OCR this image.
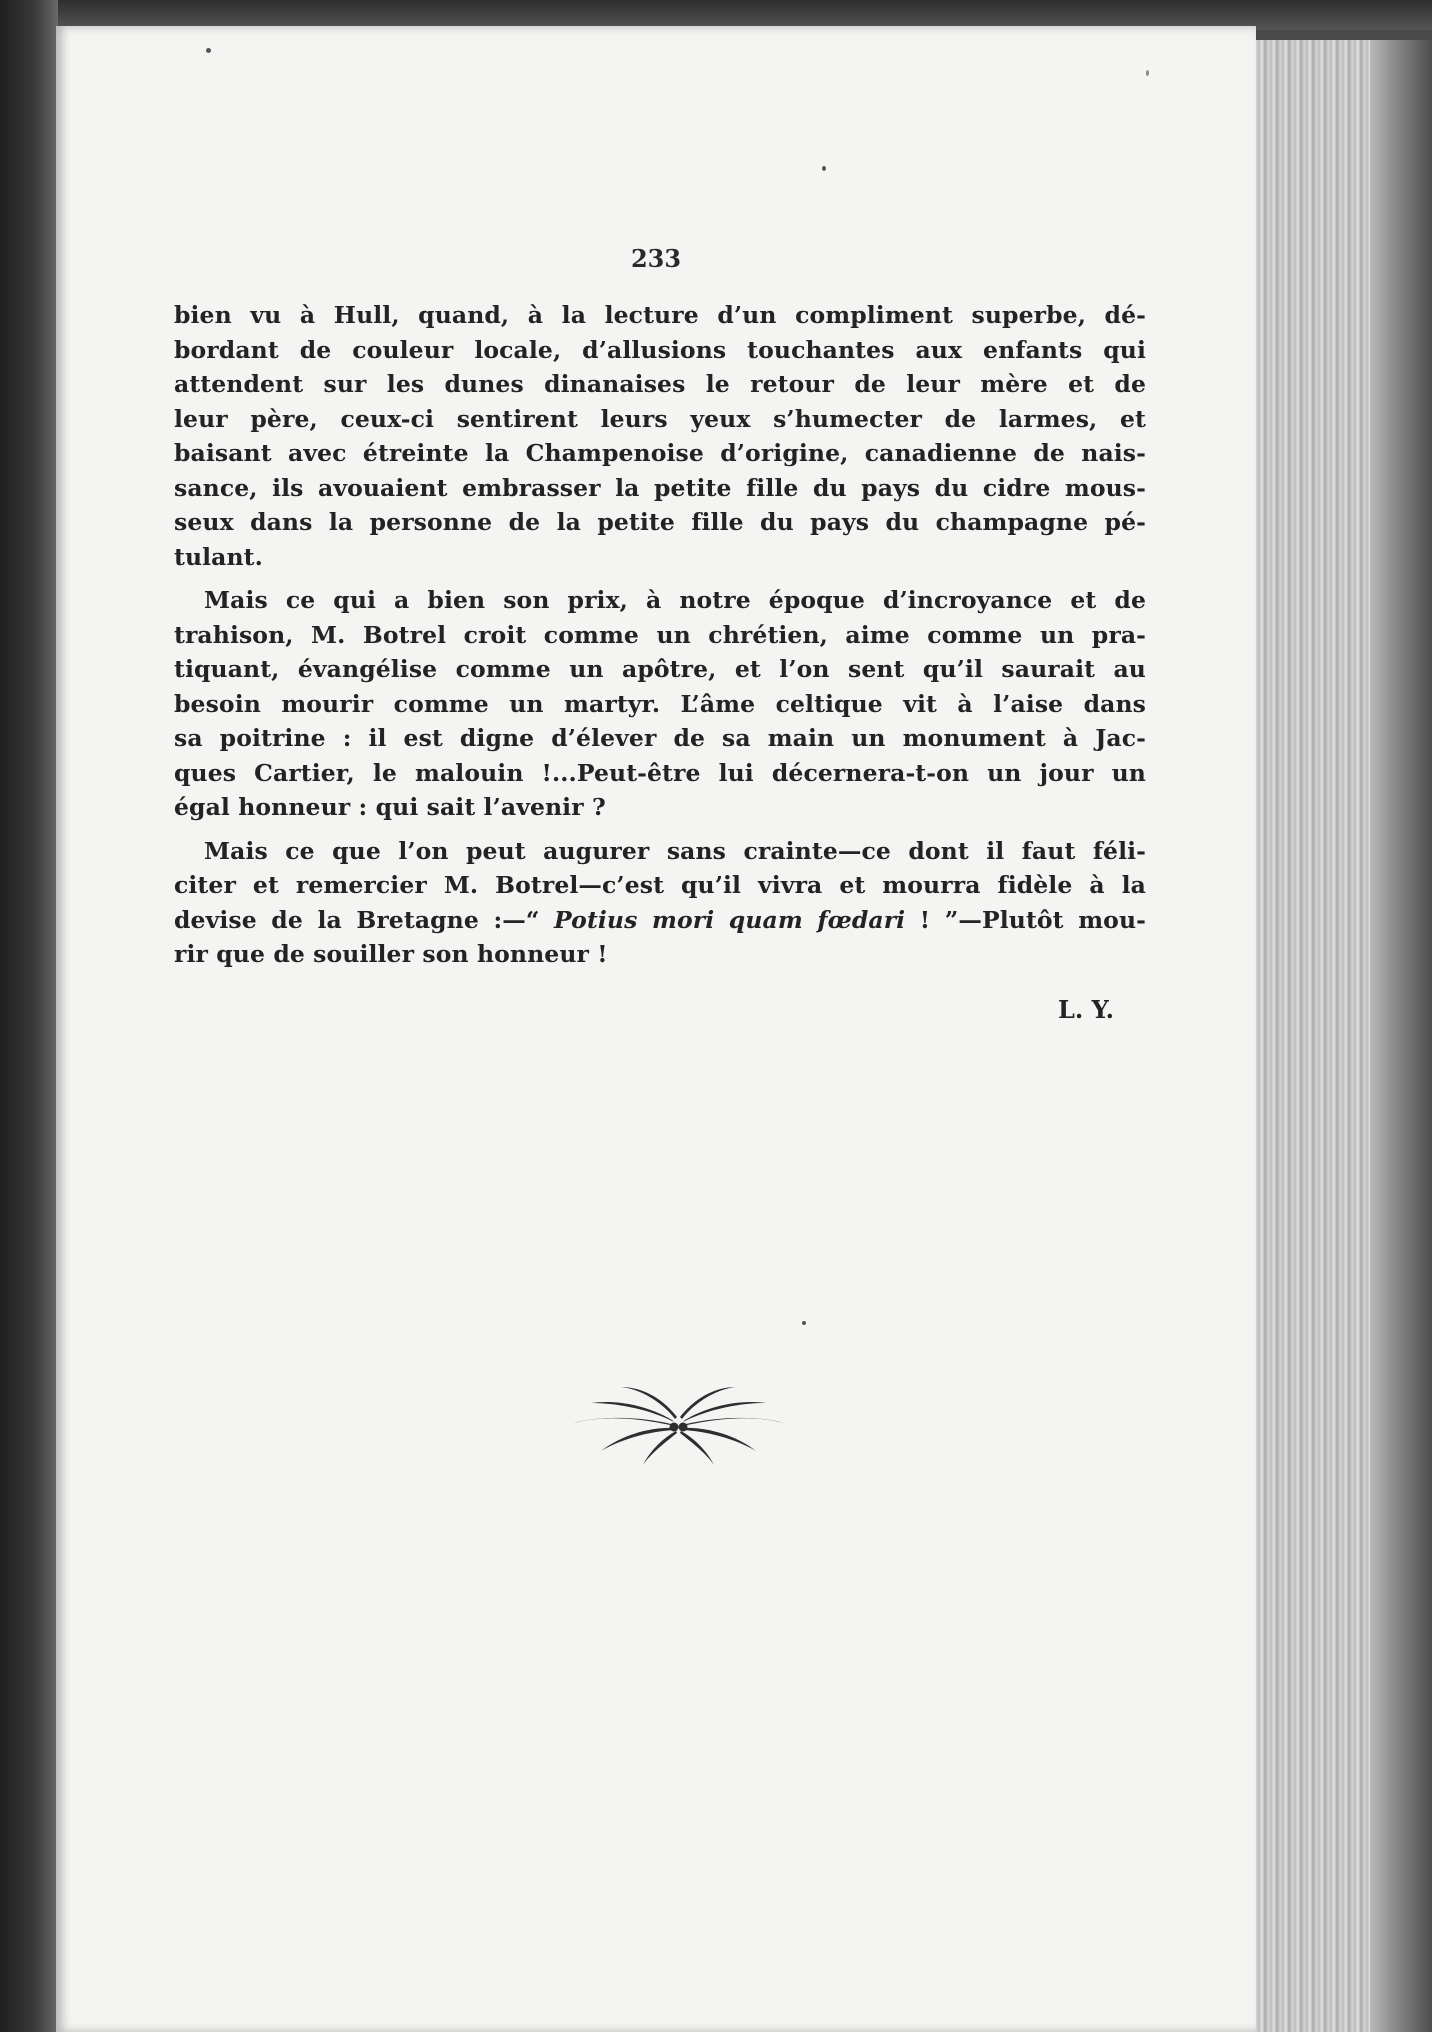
233
bien vu à Hull, quand, à la lecture d’un compliment superbe, dé-
bordant de couleur locale, d’allusions touchantes aux enfants qui
attendent sur les dunes dinanaises le retour de leur mère et de
leur père, ceux-ci sentirent leurs yeux s’humecter de larmes, et
baisant avec étreinte la Champenoise d’origine, canadienne de nais-
sance, ils avouaient embrasser la petite fille du pays du cidre mous-
seux dans la personne de la petite fille du pays du champagne pé-
tulant.
Mais ce qui a bien son prix, à notre époque d’incroyance et de
trahison, M. Botrel croit comme un chrétien, aime comme un pra-
tiquant, évangélise comme un apôtre, et l’on sent qu’il saurait au
besoin mourir comme un martyr. L’âme celtique vit à l’aise dans
sa poitrine : il est digne d’élever de sa main un monument à Jac-
ques Cartier, le malouin !...Peut-être lui décernera-t-on un jour un
égal honneur : qui sait l’avenir ?
Mais ce que l’on peut augurer sans crainte—ce dont il faut féli-
citer et remercier M. Botrel—c’est qu’il vivra et mourra fidèle à la
devise de la Bretagne :—“ Potius mori quam fœdari ! ”—Plutôt mou-
rir que de souiller son honneur !
L. Y.
